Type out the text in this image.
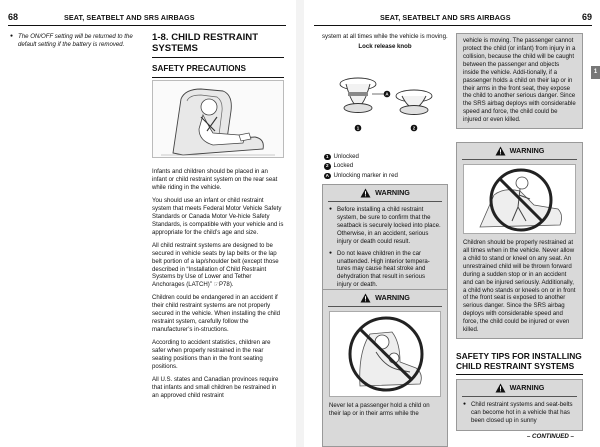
68	SEAT, SEATBELT AND SRS AIRBAGS
● The ON/OFF setting will be returned to the default setting if the battery is removed.
1-8. CHILD RESTRAINT SYSTEMS
SAFETY PRECAUTIONS

Infants and children should be placed in an infant or child restraint system on the rear seat while riding in the vehicle.

You should use an infant or child restraint system that meets Federal Motor Vehicle Safety Standards or Canada Motor Ve-hicle Safety Standards, is compatible with your vehicle and is appropriate for the child’s age and size.

All child restraint systems are designed to be secured in vehicle seats by lap belts or the lap belt portion of a lap/shoulder belt (except those described in “Installation of Child Restraint Systems by Use of Lower and Tether Anchorages (LATCH)” ☞P78).

Children could be endangered in an accident if their child restraint systems are not properly secured in the vehicle. When installing the child restraint system, carefully follow the manufacturer’s in-structions.

According to accident statistics, children are safer when properly restrained in the rear seating positions than in the front seating positions.

All U.S. states and Canadian provinces require that infants and small children be restrained in an approved child restraint

SEAT, SEATBELT AND SRS AIRBAGS	69
1

system at all times while the vehicle is moving.

Lock release knob

A
1	2
1 Unlocked
2 Locked
A Unlocking marker in red
WARNING
● Before installing a child restraint system, be sure to confirm that the seatback is securely locked into place. Otherwise, in an accident, serious injury or death could result.
● Do not leave children in the car unattended. High interior tempera-tures may cause heat stroke and dehydration that result in serious injury or death.
WARNING

Never let a passenger hold a child on their lap or in their arms while the

vehicle is moving. The passenger cannot protect the child (or infant) from injury in a collision, because the child will be caught between the passenger and objects inside the vehicle. Addi-tionally, if a passenger holds a child on their lap or in their arms in the front seat, they expose the child to another serious danger. Since the SRS airbag deploys with considerable speed and force, the child could be injured or even killed.

WARNING

Children should be properly restrained at all times when in the vehicle. Never allow a child to stand or kneel on any seat. An unrestrained child will be thrown forward during a sudden stop or in an accident and can be injured seriously. Additionally, a child who stands or kneels on or in front of the front seat is exposed to another serious danger. Since the SRS airbag deploys with considerable speed and force, the child could be injured or even killed.

SAFETY TIPS FOR INSTALLING CHILD RESTRAINT SYSTEMS
WARNING
● Child restraint systems and seat-belts can become hot in a vehicle that has been closed up in sunny
– CONTINUED –
